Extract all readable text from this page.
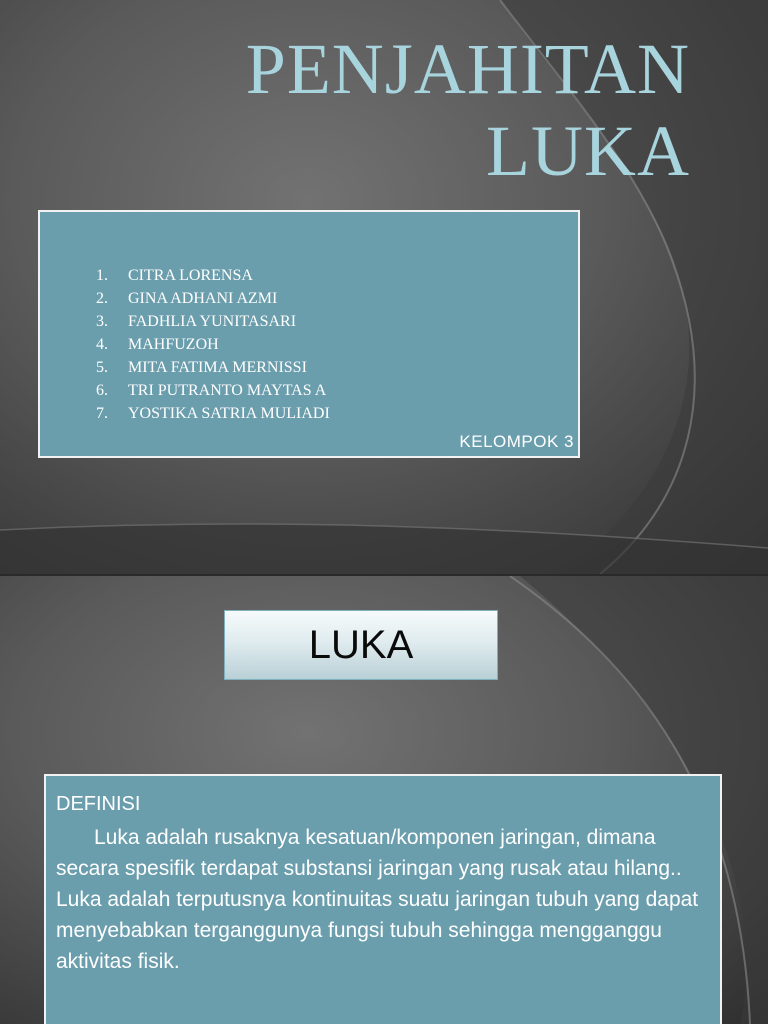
PENJAHITAN
LUKA
1.	CITRA LORENSA
2.	GINA ADHANI AZMI
3.	FADHLIA YUNITASARI
4.	MAHFUZOH
5.	MITA FATIMA MERNISSI
6.	TRI PUTRANTO MAYTAS A
7.	YOSTIKA SATRIA MULIADI
KELOMPOK 3
LUKA
DEFINISI
Luka adalah rusaknya kesatuan/komponen jaringan, dimana secara spesifik terdapat substansi jaringan yang rusak atau hilang.. Luka adalah terputusnya kontinuitas suatu jaringan tubuh yang dapat menyebabkan terganggunya fungsi tubuh sehingga mengganggu aktivitas fisik.
